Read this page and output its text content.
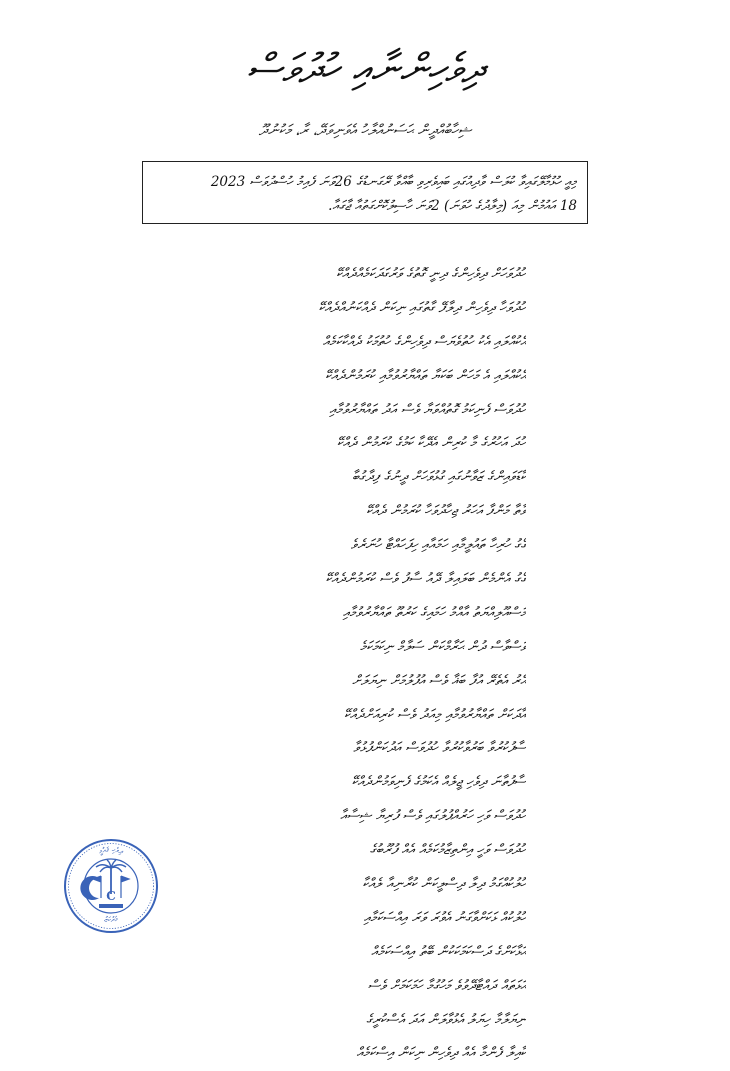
ދިވެހިންނާއި ހުދުވަސް
ޝިހާބުއްދީން ޙަސަނުއްލާހު އެވަނިވަދޭ، ރާ، މަކުނުދޫ
މިއީ ހުޅުމާލޭގައިވާ ކުލަސް ވާދިއުގައި ބައިވެރިވި ބާއްވާ ރޭގަނޑުގެ 26ވަނަ ފެއިމު ހުސްދުވަސް 2023
18 އައުމުން މިއަ (މިލާދުގެ ހުވަނަ) 2ވަނަ ހާސިލުކޮށްގަތުއާ ޖާގައާ.
ހުދުވަހަށް ދިވެހިންގެ ދިނީ ގޮތުގެ ވަރުގަދަކަމެއްދެއްކޭ
ހުދުވަހާ ދިވެހިން ދިލާފޭ ގާތުގައި ނިކަން ދެއްކަނުއްދެއްކޭ
އެކުއްލައި އެކު ހުތުވެޔަސް ދިވެހިންގެ ހުތުމަކު ދެއްކާކަމެއް
އެކުއްލައި އެ މަހަން ބަކަޔާ ތައްޔާރުވުމާއި ކުރަމުންދެއްކޭ
ހުދުވަސް ފެނިކަމު ގޮތުއްވަޔާ ވެސް އަދު ތައްޔާރުވުމާއި
ހުދަ އަހުރުގެ މާ ކުރިން އެދޭކާ ކަމުގެ ކުރަމުން ދެއްކޭ
ކާޑަވައިންގެ ޒަވާނުގައި ގުޅުވަހަށް ދީނުގެ ފިދާގުބާ
ވާތާ މަންފާ އަހަރު ޖިހާދުވަހާ ކުރަމުން ދެއްކޭ
ގޯގު ހުރިހާ ތައުލީމާއި ހަމައާއި ހިފަހައްޓާ ހުނަރެވެ
ގޯގު އެންމެން ބަލައިލާ ދޭއު ސާފު ވެސް ކުރަމުންދެއްކޭ
މަސްއޫލިއްޔަތު އާއްމު ހަމައިގެ ކަރުތޫ ތައްޔާރުވުމާއި
ވަސްވާސް ދުން ޙަރާމްކަން ސަލާމް ނިކަމަކަމެ
އެރު އެތެރޭ އުފާ ބަޣާ ވެސް އުފުލުމަށް ނިޔަލަށް
އާދަކަށް ތައްޔާރުވުމާއި މިއަދު ވެސް ކުރިއަށްދެއްކޭ
ސާފުކުރުވާ ބަރުވާކުރުވާ ހުދުވަސް އަދުކަންފުޅުވާ
ސާފުތާނަ ދިވެހި ޖީލެއް އެކަމުގެ ފެނިވަމުންދެއްކޭ
ހުދުވަސް ވަހި ހަރުއްޕުލުގައި ވެސް ފުރިޔާ ޝިސާއާ
ހުދުވަސް ވަހީ އިންތިޒާމުކަމެއް އެއް ފުރޫބުގެ
ހުލުކުއްގަމު ދިލާ ދިސްލީކަން ކުރާނިއާ ލެއްކާ
ހުލުކުއް ޅަކަށްވާގަނު އެވުރަ ވަރަ އިއްސަކަމާއި
އަޅާކަށްގެ ދަސްކަމަކަކުން ބޭތު އިއްސަކަމެއް
އަޅަތައް ދައްޓާދޭވުވެ މަހުގުމާ ހަމަކަމަށް ވެސް
ނިޔަލާމާ ހިޔަލު އެޅުވާލަން އަދަ އެސްކުރީގެ
ކާއިލާ ފެންމާ އެއް ދިވެހިން ނިކަން އިސްކަމެއް
ދިވެހި ޤައުމީ
މަރުކަޒު
C
